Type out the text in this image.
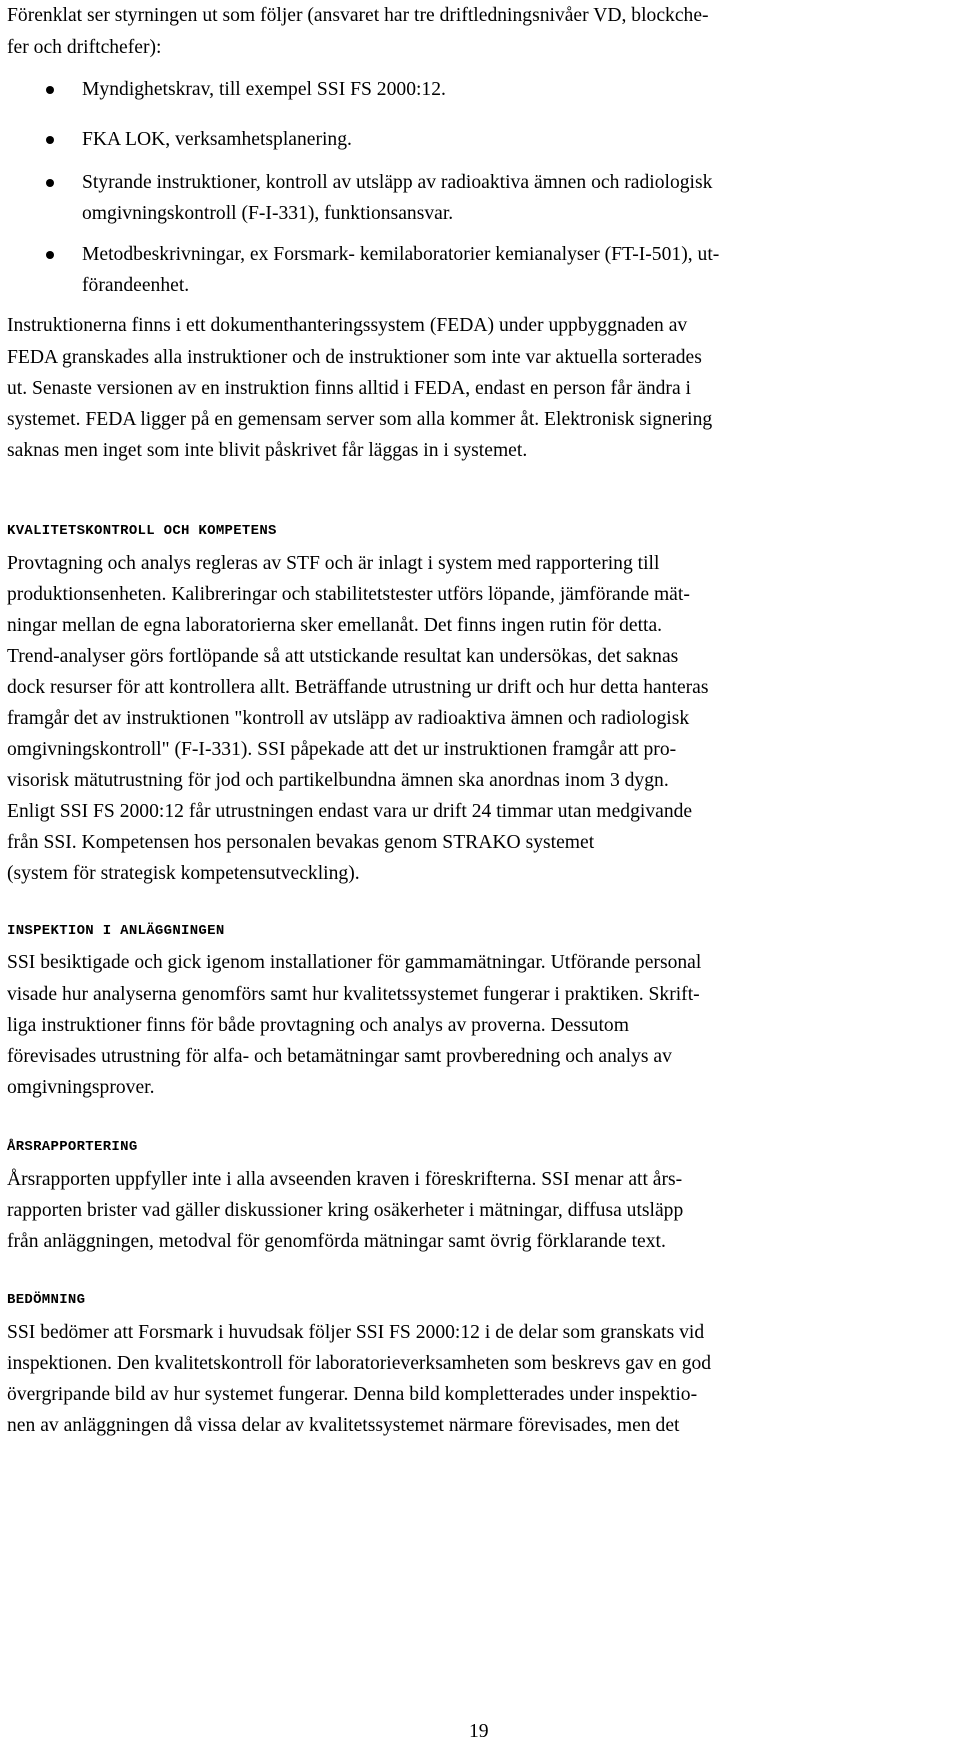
Förenklat ser styrningen ut som följer (ansvaret har tre driftledningsnivåer VD, blockche-
fer och driftchefer):
Myndighetskrav, till exempel SSI FS 2000:12.
FKA LOK, verksamhetsplanering.
Styrande instruktioner, kontroll av utsläpp av radioaktiva ämnen och radiologisk
omgivningskontroll (F-I-331), funktionsansvar.
Metodbeskrivningar, ex Forsmark- kemilaboratorier kemianalyser (FT-I-501), ut-
förandeenhet.
Instruktionerna finns i ett dokumenthanteringssystem (FEDA) under uppbyggnaden av
FEDA granskades alla instruktioner och de instruktioner som inte var aktuella sorterades
ut. Senaste versionen av en instruktion finns alltid i FEDA, endast en person får ändra i
systemet. FEDA ligger på en gemensam server som alla kommer åt. Elektronisk signering
saknas men inget som inte blivit påskrivet får läggas in i systemet.
KVALITETSKONTROLL OCH KOMPETENS
Provtagning och analys regleras av STF och är inlagt i system med rapportering till
produktionsenheten. Kalibreringar och stabilitetstester utförs löpande, jämförande mät-
ningar mellan de egna laboratorierna sker emellanåt. Det finns ingen rutin för detta.
Trend-analyser görs fortlöpande så att utstickande resultat kan undersökas, det saknas
dock resurser för att kontrollera allt. Beträffande utrustning ur drift och hur detta hanteras
framgår det av instruktionen "kontroll av utsläpp av radioaktiva ämnen och radiologisk
omgivningskontroll" (F-I-331). SSI påpekade att det ur instruktionen framgår att pro-
visorisk mätutrustning för jod och partikelbundna ämnen ska anordnas inom 3 dygn.
Enligt SSI FS 2000:12 får utrustningen endast vara ur drift 24 timmar utan medgivande
från SSI. Kompetensen hos personalen bevakas genom STRAKO systemet
(system för strategisk kompetensutveckling).
INSPEKTION I ANLÄGGNINGEN
SSI besiktigade och gick igenom installationer för gammamätningar. Utförande personal
visade hur analyserna genomförs samt hur kvalitetssystemet fungerar i praktiken. Skrift-
liga instruktioner finns för både provtagning och analys av proverna. Dessutom
förevisades utrustning för alfa- och betamätningar samt provberedning och analys av
omgivningsprover.
ÅRSRAPPORTERING
Årsrapporten uppfyller inte i alla avseenden kraven i föreskrifterna. SSI menar att års-
rapporten brister vad gäller diskussioner kring osäkerheter i mätningar, diffusa utsläpp
från anläggningen, metodval för genomförda mätningar samt övrig förklarande text.
BEDÖMNING
SSI bedömer att Forsmark i huvudsak följer SSI FS 2000:12 i de delar som granskats vid
inspektionen. Den kvalitetskontroll för laboratorieverksamheten som beskrevs gav en god
övergripande bild av hur systemet fungerar. Denna bild kompletterades under inspektio-
nen av anläggningen då vissa delar av kvalitetssystemet närmare förevisades, men det
19
